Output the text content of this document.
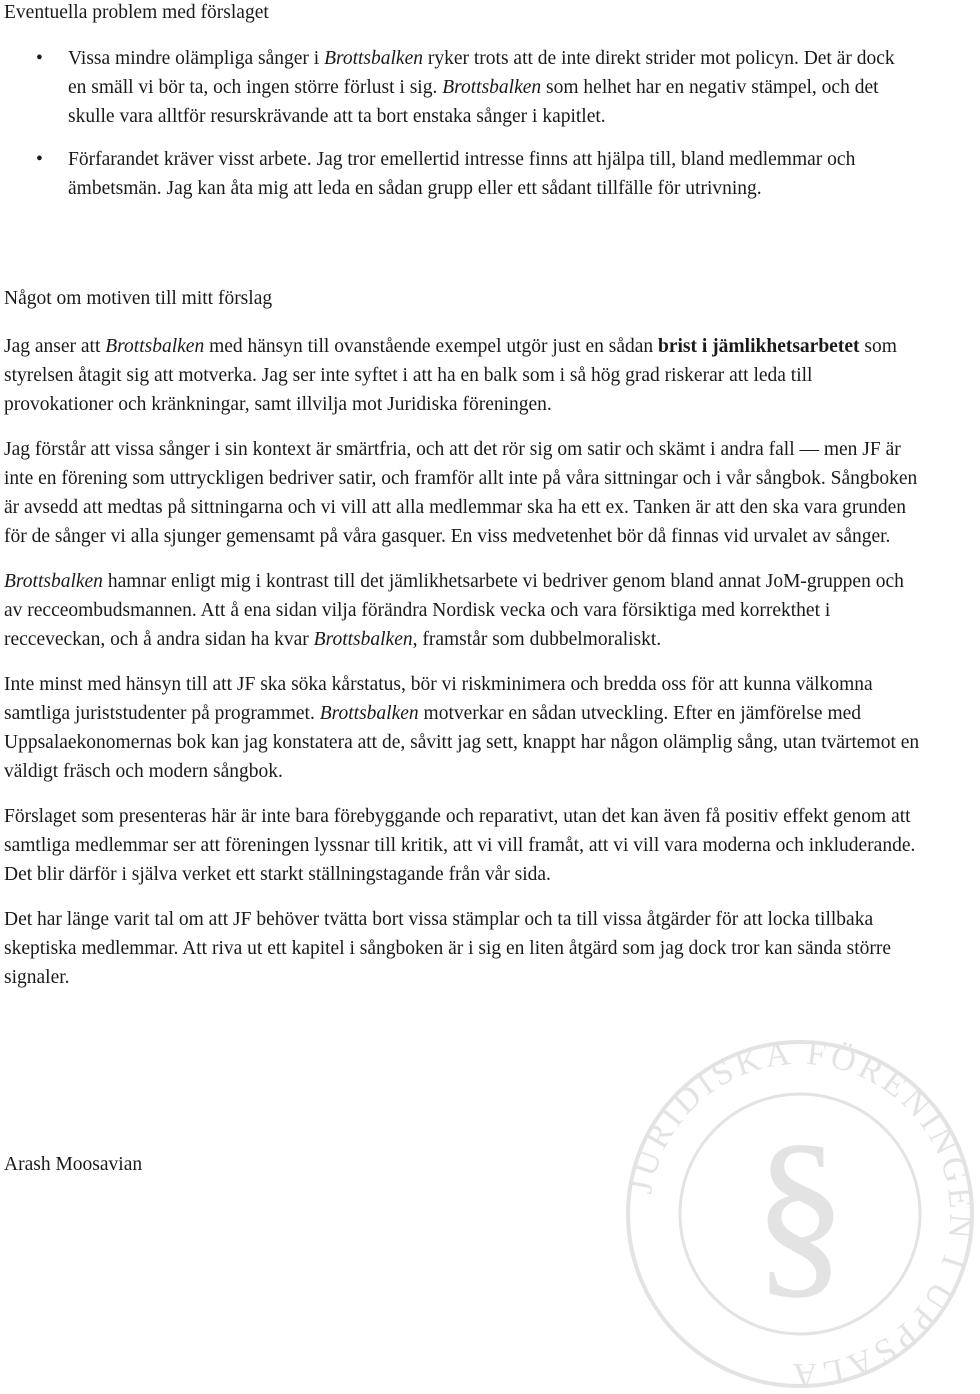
Eventuella problem med förslaget
• Vissa mindre olämpliga sånger i Brottsbalken ryker trots att de inte direkt strider mot policyn. Det är dock en smäll vi bör ta, och ingen större förlust i sig. Brottsbalken som helhet har en negativ stämpel, och det skulle vara alltför resurskrävande att ta bort enstaka sånger i kapitlet.
• Förfarandet kräver visst arbete. Jag tror emellertid intresse finns att hjälpa till, bland medlemmar och ämbetsmän. Jag kan åta mig att leda en sådan grupp eller ett sådant tillfälle för utrivning.
Något om motiven till mitt förslag

Jag anser att Brottsbalken med hänsyn till ovanstående exempel utgör just en sådan brist i jämlikhetsarbetet som styrelsen åtagit sig att motverka. Jag ser inte syftet i att ha en balk som i så hög grad riskerar att leda till provokationer och kränkningar, samt illvilja mot Juridiska föreningen.

Jag förstår att vissa sånger i sin kontext är smärtfria, och att det rör sig om satir och skämt i andra fall — men JF är inte en förening som uttryckligen bedriver satir, och framför allt inte på våra sittningar och i vår sångbok. Sångboken är avsedd att medtas på sittningarna och vi vill att alla medlemmar ska ha ett ex. Tanken är att den ska vara grunden för de sånger vi alla sjunger gemensamt på våra gasquer. En viss medvetenhet bör då finnas vid urvalet av sånger.

Brottsbalken hamnar enligt mig i kontrast till det jämlikhetsarbete vi bedriver genom bland annat JoM-gruppen och av recceombudsmannen. Att å ena sidan vilja förändra Nordisk vecka och vara försiktiga med korrekthet i recceveckan, och å andra sidan ha kvar Brottsbalken, framstår som dubbelmoraliskt.

Inte minst med hänsyn till att JF ska söka kårstatus, bör vi riskminimera och bredda oss för att kunna välkomna samtliga juriststudenter på programmet. Brottsbalken motverkar en sådan utveckling. Efter en jämförelse med Uppsalaekonomernas bok kan jag konstatera att de, såvitt jag sett, knappt har någon olämplig sång, utan tvärtemot en väldigt fräsch och modern sångbok.

Förslaget som presenteras här är inte bara förebyggande och reparativt, utan det kan även få positiv effekt genom att samtliga medlemmar ser att föreningen lyssnar till kritik, att vi vill framåt, att vi vill vara moderna och inkluderande. Det blir därför i själva verket ett starkt ställningstagande från vår sida.

Det har länge varit tal om att JF behöver tvätta bort vissa stämplar och ta till vissa åtgärder för att locka tillbaka skeptiska medlemmar. Att riva ut ett kapitel i sångboken är i sig en liten åtgärd som jag dock tror kan sända större signaler.

Arash Moosavian

JURIDISKA FÖRENINGEN I UPPSALA
§
